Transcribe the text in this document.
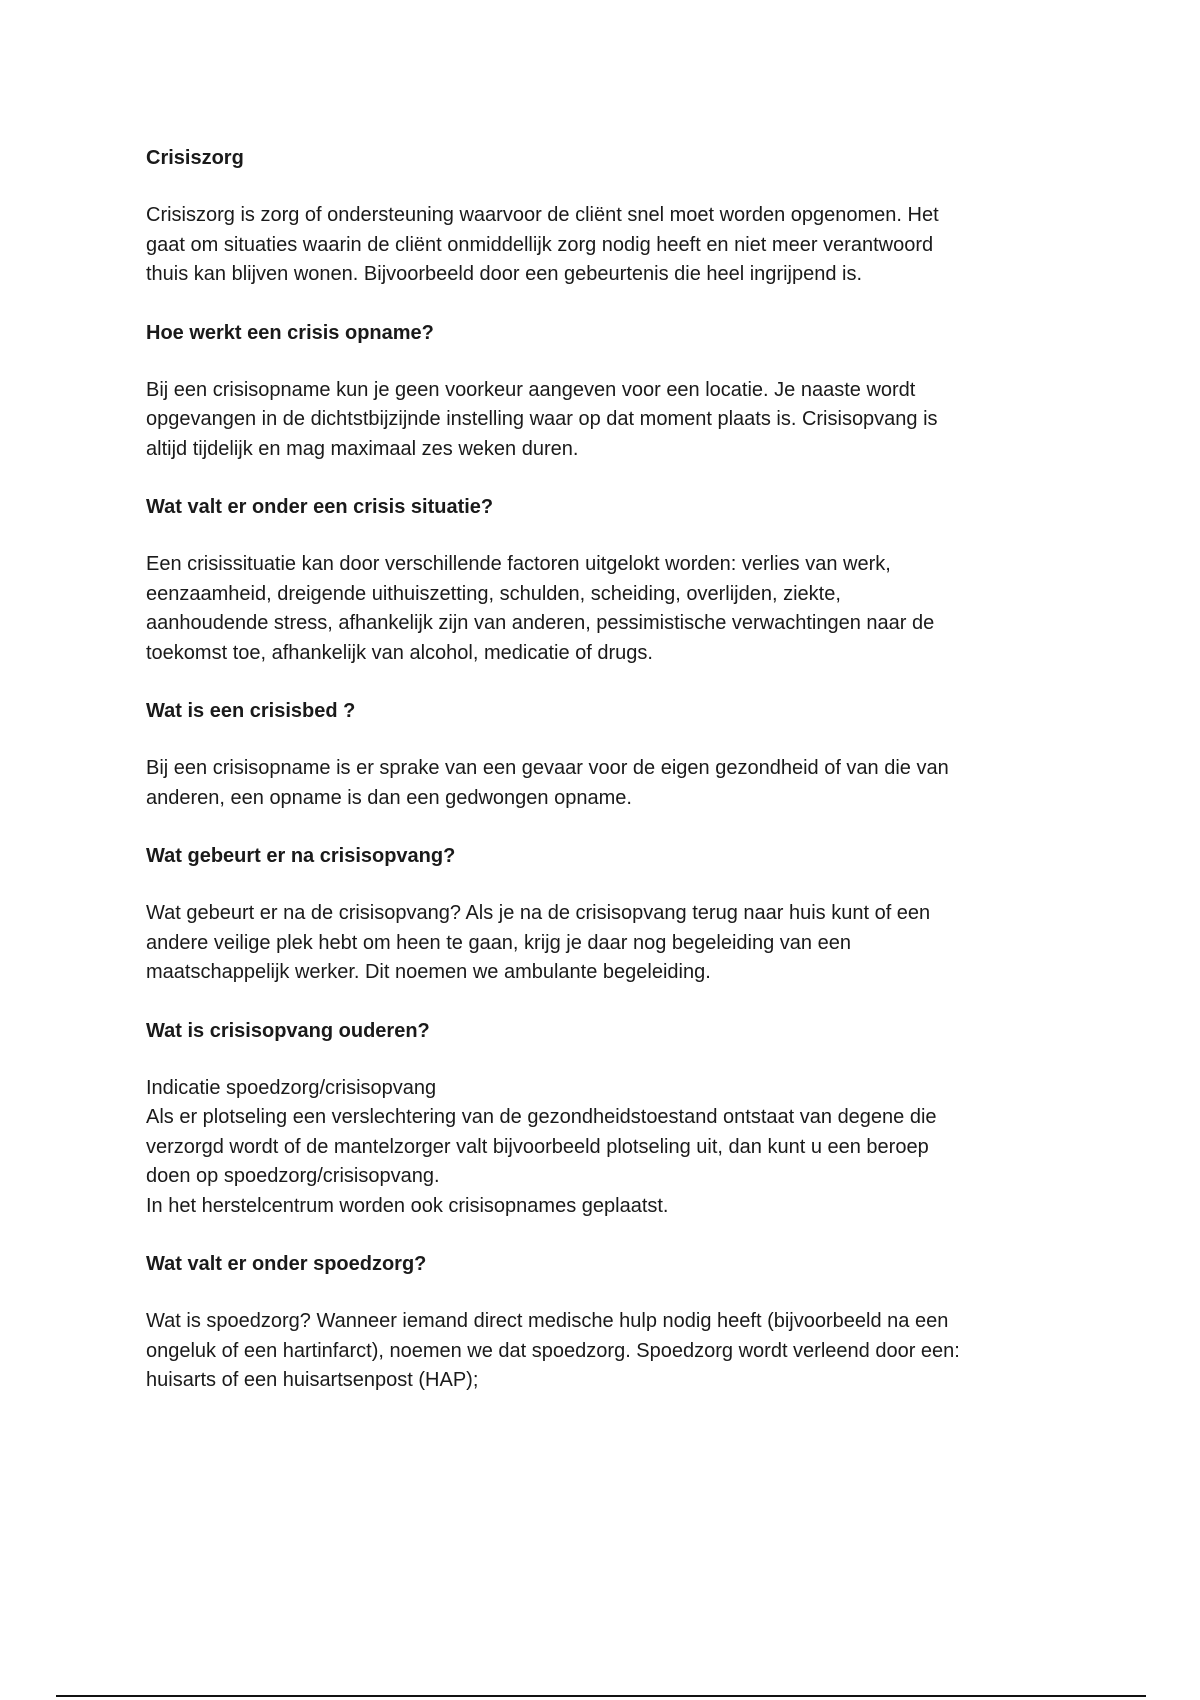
Crisiszorg
Crisiszorg is zorg of ondersteuning waarvoor de cliënt snel moet worden opgenomen. Het
gaat om situaties waarin de cliënt onmiddellijk zorg nodig heeft en niet meer verantwoord
thuis kan blijven wonen. Bijvoorbeeld door een gebeurtenis die heel ingrijpend is.
Hoe werkt een crisis opname?
Bij een crisisopname kun je geen voorkeur aangeven voor een locatie. Je naaste wordt
opgevangen in de dichtstbijzijnde instelling waar op dat moment plaats is. Crisisopvang is
altijd tijdelijk en mag maximaal zes weken duren.
Wat valt er onder een crisis situatie?
Een crisissituatie kan door verschillende factoren uitgelokt worden: verlies van werk,
eenzaamheid, dreigende uithuiszetting, schulden, scheiding, overlijden, ziekte,
aanhoudende stress, afhankelijk zijn van anderen, pessimistische verwachtingen naar de
toekomst toe, afhankelijk van alcohol, medicatie of drugs.
Wat is een crisisbed ?
Bij een crisisopname is er sprake van een gevaar voor de eigen gezondheid of van die van
anderen, een opname is dan een gedwongen opname.
Wat gebeurt er na crisisopvang?
Wat gebeurt er na de crisisopvang? Als je na de crisisopvang terug naar huis kunt of een
andere veilige plek hebt om heen te gaan, krijg je daar nog begeleiding van een
maatschappelijk werker. Dit noemen we ambulante begeleiding.
Wat is crisisopvang ouderen?
Indicatie spoedzorg/crisisopvang
Als er plotseling een verslechtering van de gezondheidstoestand ontstaat van degene die
verzorgd wordt of de mantelzorger valt bijvoorbeeld plotseling uit, dan kunt u een beroep
doen op spoedzorg/crisisopvang.
In het herstelcentrum worden ook crisisopnames geplaatst.
Wat valt er onder spoedzorg?
Wat is spoedzorg? Wanneer iemand direct medische hulp nodig heeft (bijvoorbeeld na een
ongeluk of een hartinfarct), noemen we dat spoedzorg. Spoedzorg wordt verleend door een:
huisarts of een huisartsenpost (HAP);
